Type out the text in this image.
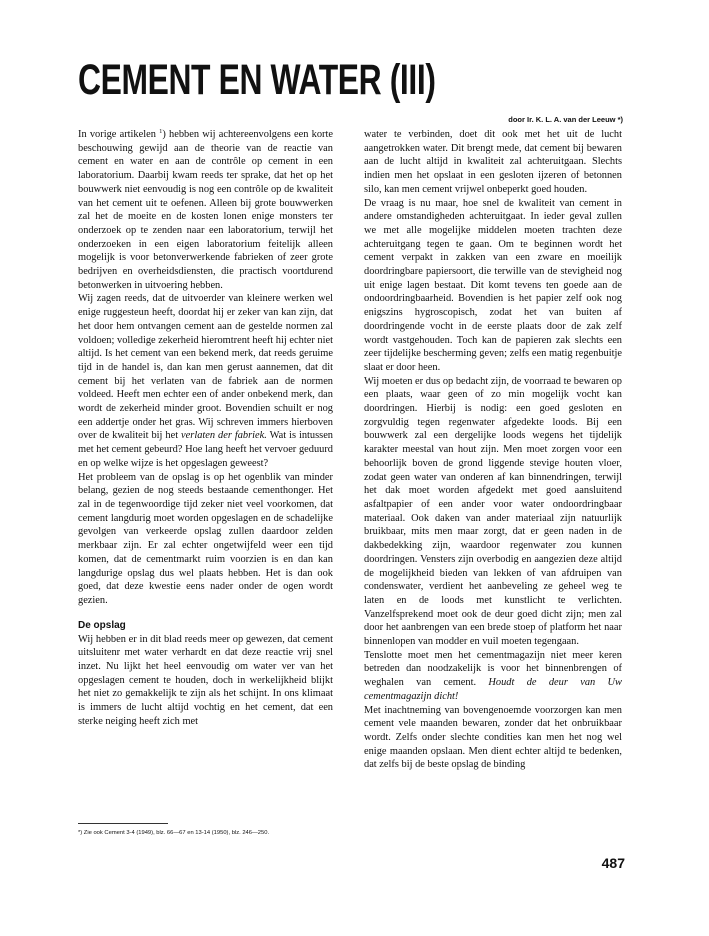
CEMENT EN WATER (III)
door Ir. K. L. A. van der Leeuw *)

In vorige artikelen $^1$) hebben wij achtereenvolgens een korte beschouwing gewijd aan de theorie van de reactie van cement en water en aan de contrôle op cement in een laboratorium. Daarbij kwam reeds ter sprake, dat het op het bouwwerk niet eenvoudig is nog een contrôle op de kwaliteit van het cement uit te oefenen. Alleen bij grote bouwwerken zal het de moeite en de kosten lonen enige monsters ter onderzoek op te zenden naar een laboratorium, terwijl het onderzoeken in een eigen laboratorium feitelijk alleen mogelijk is voor betonverwerkende fabrieken of zeer grote bedrijven en overheidsdiensten, die practisch voortdurend betonwerken in uitvoering hebben.

Wij zagen reeds, dat de uitvoerder van kleinere werken wel enige ruggesteun heeft, doordat hij er zeker van kan zijn, dat het door hem ontvangen cement aan de gestelde normen zal voldoen; volledige zekerheid hieromtrent heeft hij echter niet altijd. Is het cement van een bekend merk, dat reeds geruime tijd in de handel is, dan kan men gerust aannemen, dat dit cement bij het verlaten van de fabriek aan de normen voldeed. Heeft men echter een of ander onbekend merk, dan wordt de zekerheid minder groot. Bovendien schuilt er nog een addertje onder het gras. Wij schreven immers hierboven over de kwaliteit bij het verlaten der fabriek. Wat is intussen met het cement gebeurd? Hoe lang heeft het vervoer geduurd en op welke wijze is het opgeslagen geweest?

Het probleem van de opslag is op het ogenblik van minder belang, gezien de nog steeds bestaande cementhonger. Het zal in de tegenwoordige tijd zeker niet veel voorkomen, dat cement langdurig moet worden opgeslagen en de schadelijke gevolgen van verkeerde opslag zullen daardoor zelden merkbaar zijn. Er zal echter ongetwijfeld weer een tijd komen, dat de cementmarkt ruim voorzien is en dan kan langdurige opslag dus wel plaats hebben. Het is dan ook goed, dat deze kwestie eens nader onder de ogen wordt gezien.

De opslag

Wij hebben er in dit blad reeds meer op gewezen, dat cement uitsluitenr met water verhardt en dat deze reactie vrij snel inzet. Nu lijkt het heel eenvoudig om water ver van het opgeslagen cement te houden, doch in werkelijkheid blijkt het niet zo gemakkelijk te zijn als het schijnt. In ons klimaat is immers de lucht altijd vochtig en het cement, dat een sterke neiging heeft zich met

water te verbinden, doet dit ook met het uit de lucht aangetrokken water. Dit brengt mede, dat cement bij bewaren aan de lucht altijd in kwaliteit zal achteruitgaan. Slechts indien men het opslaat in een gesloten ijzeren of betonnen silo, kan men cement vrijwel onbeperkt goed houden.

De vraag is nu maar, hoe snel de kwaliteit van cement in andere omstandigheden achteruitgaat. In ieder geval zullen we met alle mogelijke middelen moeten trachten deze achteruitgang tegen te gaan. Om te beginnen wordt het cement verpakt in zakken van een zware en moeilijk doordringbare papiersoort, die terwille van de stevigheid nog uit enige lagen bestaat. Dit komt tevens ten goede aan de ondoordringbaarheid. Bovendien is het papier zelf ook nog enigszins hygroscopisch, zodat het van buiten af doordringende vocht in de eerste plaats door de zak zelf wordt vastgehouden. Toch kan de papieren zak slechts een zeer tijdelijke bescherming geven; zelfs een matig regenbuitje slaat er door heen.

Wij moeten er dus op bedacht zijn, de voorraad te bewaren op een plaats, waar geen of zo min mogelijk vocht kan doordringen. Hierbij is nodig: een goed gesloten en zorgvuldig tegen regenwater afgedekte loods. Bij een bouwwerk zal een dergelijke loods wegens het tijdelijk karakter meestal van hout zijn. Men moet zorgen voor een behoorlijk boven de grond liggende stevige houten vloer, zodat geen water van onderen af kan binnendringen, terwijl het dak moet worden afgedekt met goed aansluitend asfaltpapier of een ander voor water ondoordringbaar materiaal. Ook daken van ander materiaal zijn natuurlijk bruikbaar, mits men maar zorgt, dat er geen naden in de dakbedekking zijn, waardoor regenwater zou kunnen doordringen. Vensters zijn overbodig en aangezien deze altijd de mogelijkheid bieden van lekken of van afdruipen van condenswater, verdient het aanbeveling ze geheel weg te laten en de loods met kunstlicht te verlichten. Vanzelfsprekend moet ook de deur goed dicht zijn; men zal door het aanbrengen van een brede stoep of platform het naar binnenlopen van modder en vuil moeten tegengaan.

Tenslotte moet men het cementmagazijn niet meer keren betreden dan noodzakelijk is voor het binnenbrengen of weghalen van cement. Houdt de deur van Uw cementmagazijn dicht!

Met inachtneming van bovengenoemde voorzorgen kan men cement vele maanden bewaren, zonder dat het onbruikbaar wordt. Zelfs onder slechte condities kan men het nog wel enige maanden opslaan. Men dient echter altijd te bedenken, dat zelfs bij de beste opslag de binding

*) Zie ook Cement 3-4 (1949), blz. 66—67 en 13-14 (1950), blz. 246—250.
487
